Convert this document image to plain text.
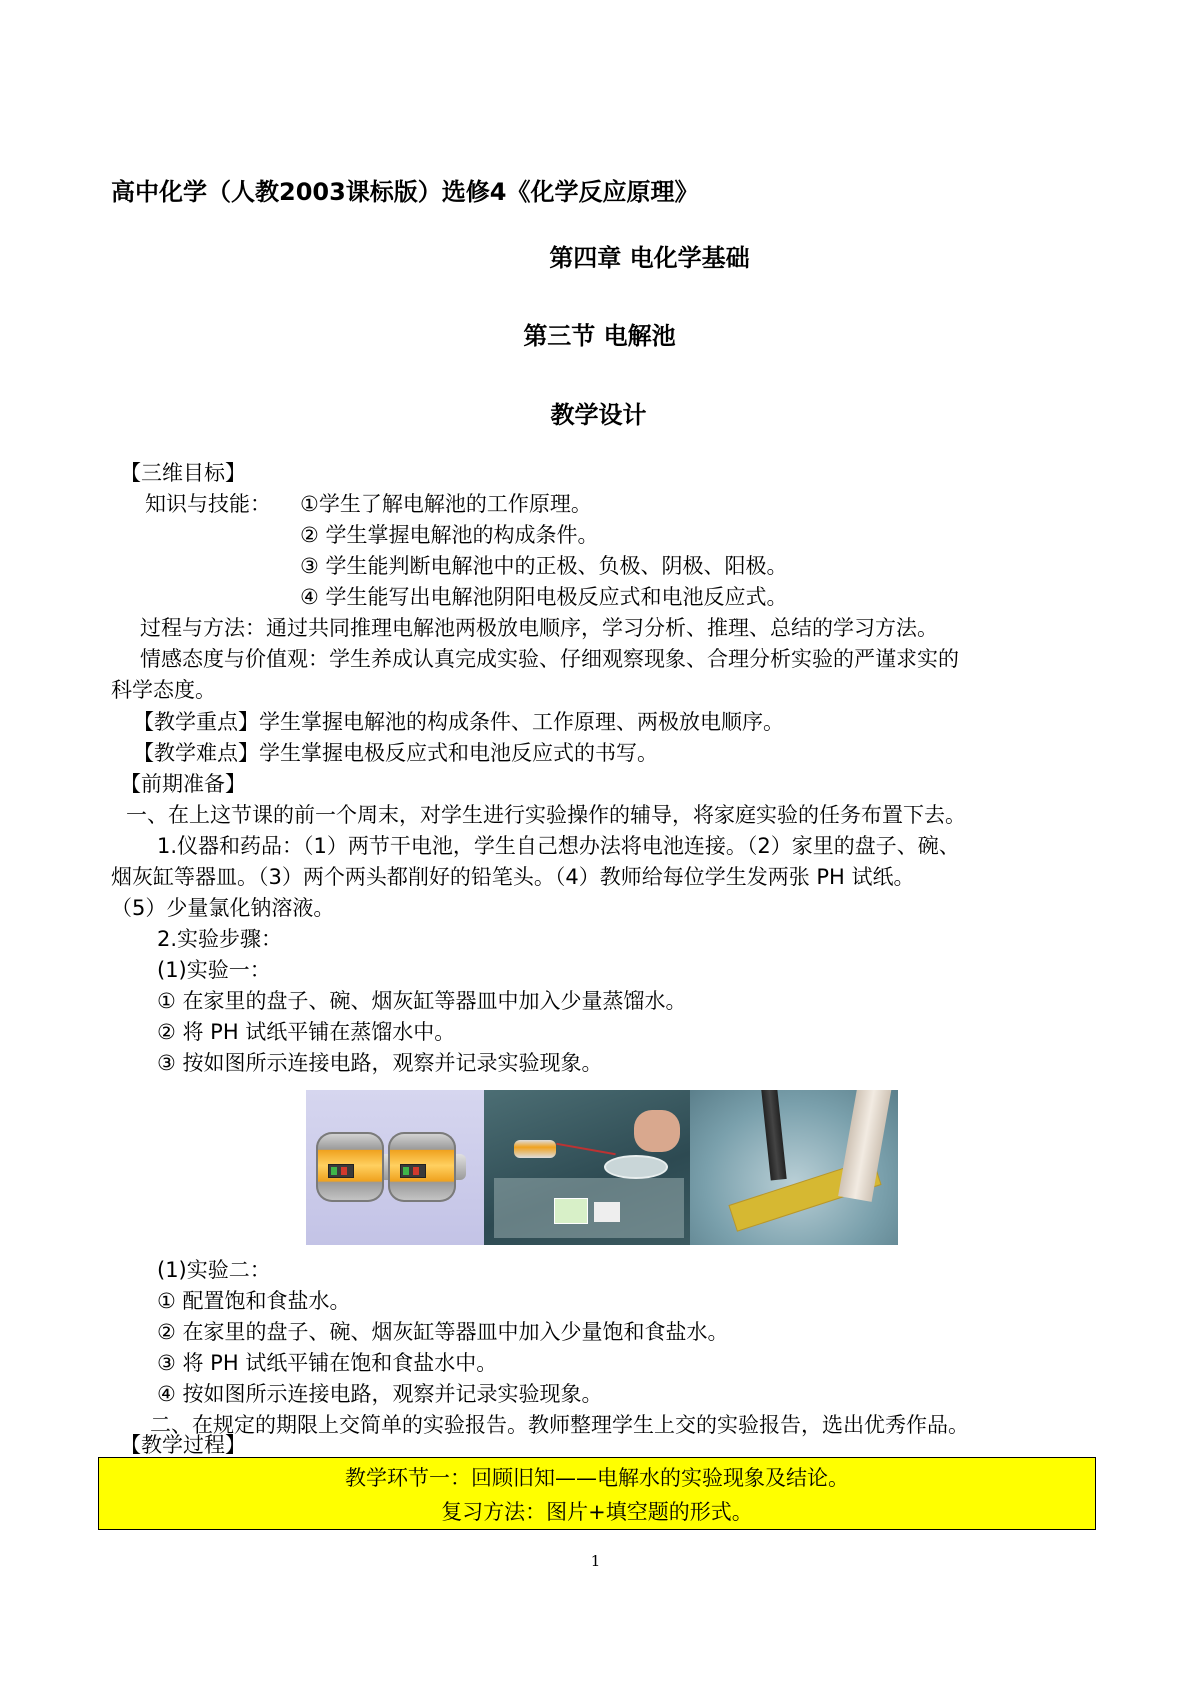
高中化学（人教2003课标版）选修4《化学反应原理》
第四章 电化学基础
第三节 电解池
教学设计
【三维目标】
知识与技能： ①学生了解电解池的工作原理。
② 学生掌握电解池的构成条件。
③ 学生能判断电解池中的正极、负极、阴极、阳极。
④ 学生能写出电解池阴阳电极反应式和电池反应式。
过程与方法：通过共同推理电解池两极放电顺序，学习分析、推理、总结的学习方法。
情感态度与价值观：学生养成认真完成实验、仔细观察现象、合理分析实验的严谨求实的
科学态度。
【教学重点】学生掌握电解池的构成条件、工作原理、两极放电顺序。
【教学难点】学生掌握电极反应式和电池反应式的书写。
【前期准备】
一、在上这节课的前一个周末，对学生进行实验操作的辅导，将家庭实验的任务布置下去。
1.仪器和药品：（1）两节干电池，学生自己想办法将电池连接。（2）家里的盘子、碗、
烟灰缸等器皿。（3）两个两头都削好的铅笔头。（4）教师给每位学生发两张 PH 试纸。
（5）少量氯化钠溶液。
2.实验步骤：
(1)实验一：
① 在家里的盘子、碗、烟灰缸等器皿中加入少量蒸馏水。
② 将 PH 试纸平铺在蒸馏水中。
③ 按如图所示连接电路，观察并记录实验现象。
(1)实验二：
① 配置饱和食盐水。
② 在家里的盘子、碗、烟灰缸等器皿中加入少量饱和食盐水。
③ 将 PH 试纸平铺在饱和食盐水中。
④ 按如图所示连接电路，观察并记录实验现象。
二、在规定的期限上交简单的实验报告。教师整理学生上交的实验报告，选出优秀作品。
【教学过程】
教学环节一：回顾旧知——电解水的实验现象及结论。
复习方法：图片+填空题的形式。
1
